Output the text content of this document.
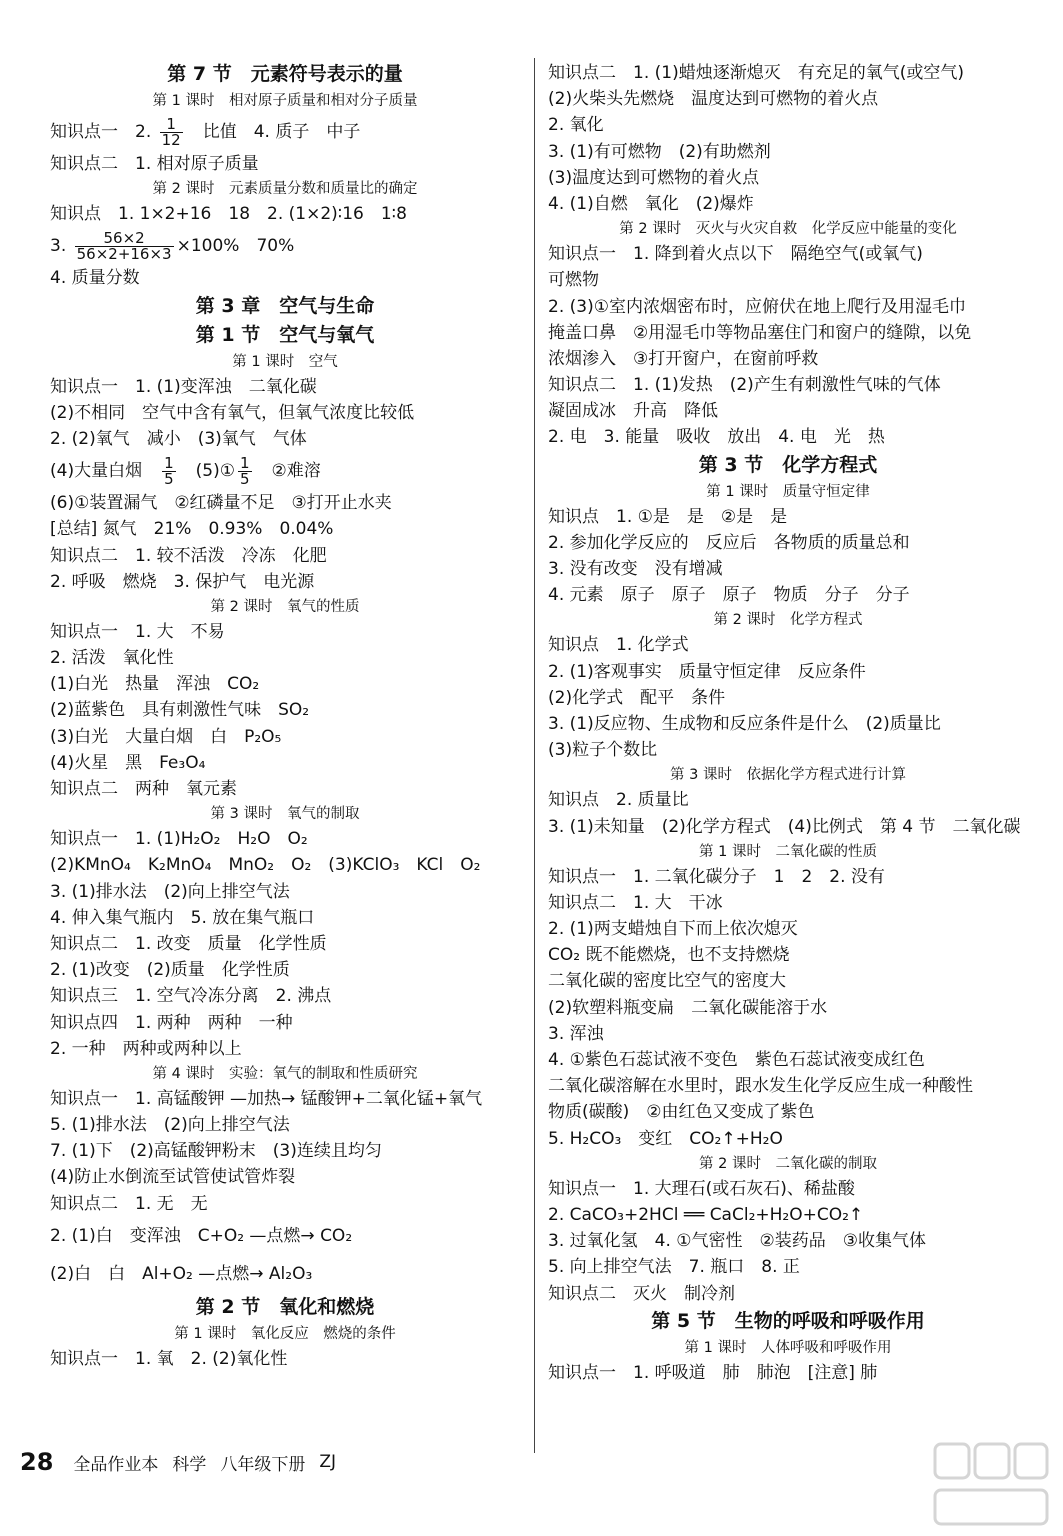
第 7 节　元素符号表示的量
第 1 课时　相对原子质量和相对分子质量
知识点一　2. $\frac{1}{12}$ 　比值　4. 质子　中子
知识点二　1. 相对原子质量
第 2 课时　元素质量分数和质量比的确定
知识点　1. 1×2+16　18　2. (1×2)∶16　1∶8
3. $\frac{56\times 2}{56\times 2+16\times 3} \times 100\%$　70%
4. 质量分数
第 3 章　空气与生命
第 1 节　空气与氧气
第 1 课时　空气
知识点一　1. (1)变浑浊　二氧化碳
(2)不相同　空气中含有氧气，但氧气浓度比较低
2. (2)氧气　减小　(3)氧气　气体
(4)大量白烟　 $\frac{1}{5}$ 　(5)① $\frac{1}{5}$ 　②难溶
(6)①装置漏气　②红磷量不足　③打开止水夹
[总结] 氮气　21%　0.93%　0.04%
知识点二　1. 较不活泼　冷冻　化肥
2. 呼吸　燃烧　3. 保护气　电光源
第 2 课时　氧气的性质
知识点一　1. 大　不易
2. 活泼　氧化性
(1)白光　热量　浑浊　CO₂
(2)蓝紫色　具有刺激性气味　SO₂
(3)白光　大量白烟　白　P₂O₅
(4)火星　黑　Fe₃O₄
知识点二　两种　氧元素
第 3 课时　氧气的制取
知识点一　1. (1)H₂O₂　H₂O　O₂
(2)KMnO₄　K₂MnO₄　MnO₂　O₂　(3)KClO₃　KCl　O₂
3. (1)排水法　(2)向上排空气法
4. 伸入集气瓶内　5. 放在集气瓶口
知识点二　1. 改变　质量　化学性质
2. (1)改变　(2)质量　化学性质
知识点三　1. 空气冷冻分离　2. 沸点
知识点四　1. 两种　两种　一种
2. 一种　两种或两种以上
第 4 课时　实验：氧气的制取和性质研究
知识点一　1. 高锰酸钾 —加热→ 锰酸钾+二氧化锰+氧气
5. (1)排水法　(2)向上排空气法
7. (1)下　(2)高锰酸钾粉末　(3)连续且均匀
(4)防止水倒流至试管使试管炸裂
知识点二　1. 无　无
2. (1)白　变浑浊　C+O₂ —点燃→ CO₂
(2)白　白　Al+O₂ —点燃→ Al₂O₃
第 2 节　氧化和燃烧
第 1 课时　氧化反应　燃烧的条件
知识点一　1. 氧　2. (2)氧化性
知识点二　1. (1)蜡烛逐渐熄灭　有充足的氧气(或空气)
(2)火柴头先燃烧　温度达到可燃物的着火点
2. 氧化
3. (1)有可燃物　(2)有助燃剂
(3)温度达到可燃物的着火点
4. (1)自燃　氧化　(2)爆炸
第 2 课时　灭火与火灾自救　化学反应中能量的变化
知识点一　1. 降到着火点以下　隔绝空气(或氧气)
可燃物
2. (3)①室内浓烟密布时，应俯伏在地上爬行及用湿毛巾
掩盖口鼻　②用湿毛巾等物品塞住门和窗户的缝隙，以免
浓烟渗入　③打开窗户，在窗前呼救
知识点二　1. (1)发热　(2)产生有刺激性气味的气体
凝固成冰　升高　降低
2. 电　3. 能量　吸收　放出　4. 电　光　热
第 3 节　化学方程式
第 1 课时　质量守恒定律
知识点　1. ①是　是　②是　是
2. 参加化学反应的　反应后　各物质的质量总和
3. 没有改变　没有增减
4. 元素　原子　原子　原子　物质　分子　分子
第 2 课时　化学方程式
知识点　1. 化学式
2. (1)客观事实　质量守恒定律　反应条件
(2)化学式　配平　条件
3. (1)反应物、生成物和反应条件是什么　(2)质量比
(3)粒子个数比
第 3 课时　依据化学方程式进行计算
知识点　2. 质量比
3. (1)未知量　(2)化学方程式　(4)比例式　第 4 节　二氧化碳
第 1 课时　二氧化碳的性质
知识点一　1. 二氧化碳分子　1　2　2. 没有
知识点二　1. 大　干冰
2. (1)两支蜡烛自下而上依次熄灭
CO₂ 既不能燃烧，也不支持燃烧
二氧化碳的密度比空气的密度大
(2)软塑料瓶变扁　二氧化碳能溶于水
3. 浑浊
4. ①紫色石蕊试液不变色　紫色石蕊试液变成红色
二氧化碳溶解在水里时，跟水发生化学反应生成一种酸性
物质(碳酸)　②由红色又变成了紫色
5. H₂CO₃　变红　CO₂↑+H₂O
第 2 课时　二氧化碳的制取
知识点一　1. 大理石(或石灰石)、稀盐酸
2. CaCO₃+2HCl ══ CaCl₂+H₂O+CO₂↑
3. 过氧化氢　4. ①气密性　②装药品　③收集气体
5. 向上排空气法　7. 瓶口　8. 正
知识点二　灭火　制冷剂
第 5 节　生物的呼吸和呼吸作用
第 1 课时　人体呼吸和呼吸作用
知识点一　1. 呼吸道　肺　肺泡　[注意] 肺
28 全品作业本 科学 八年级下册 ZJ
